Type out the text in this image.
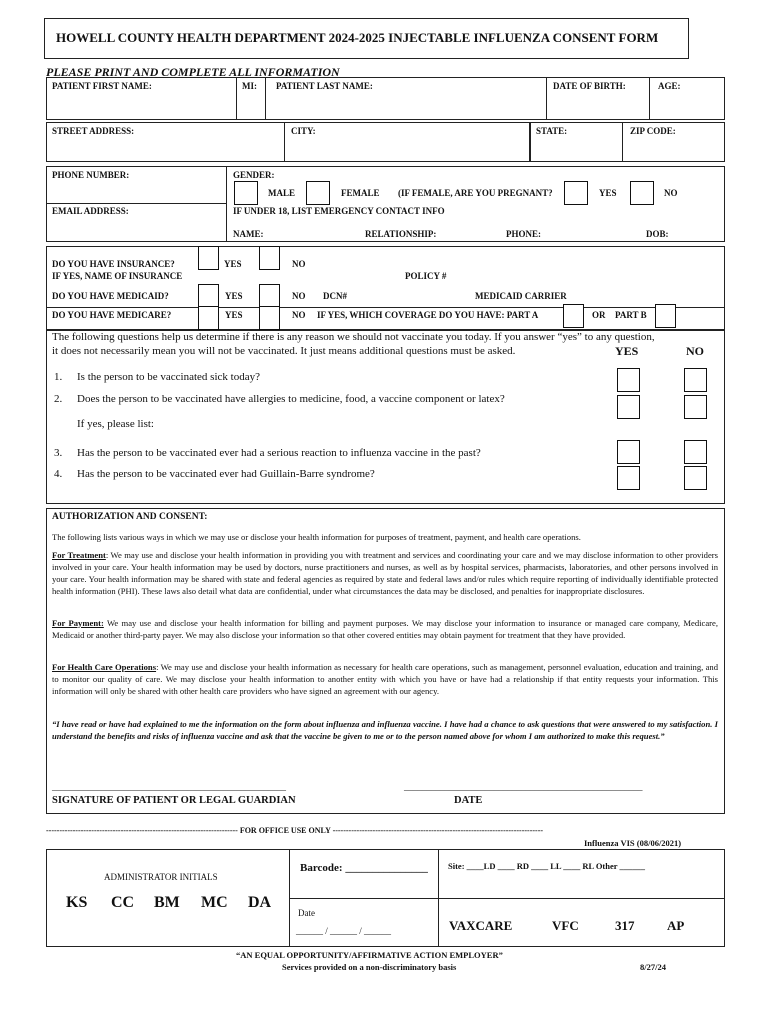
HOWELL COUNTY HEALTH DEPARTMENT 2024-2025 INJECTABLE INFLUENZA CONSENT FORM
PLEASE PRINT AND COMPLETE ALL INFORMATION
PATIENT FIRST NAME:	MI: PATIENT LAST NAME:	DATE OF BIRTH:	AGE:
STREET ADDRESS:	CITY:	STATE:	ZIP CODE:
PHONE NUMBER:
EMAIL ADDRESS:
GENDER:
MALE	FEMALE (IF FEMALE, ARE YOU PREGNANT?	YES	NO
IF UNDER 18, LIST EMERGENCY CONTACT INFO
NAME:	RELATIONSHIP:	PHONE:	DOB:
DO YOU HAVE INSURANCE?	YES	NO
IF YES, NAME OF INSURANCE	POLICY #
DO YOU HAVE MEDICAID?	YES	NO DCN#	MEDICAID CARRIER
DO YOU HAVE MEDICARE?	YES	NO IF YES, WHICH COVERAGE DO YOU HAVE: PART A	OR PART B
The following questions help us determine if there is any reason we should not vaccinate you today. If you answer “yes” to any question,
it does not necessarily mean you will not be vaccinated. It just means additional questions must be asked.	YES	NO
1. Is the person to be vaccinated sick today?
2. Does the person to be vaccinated have allergies to medicine, food, a vaccine component or latex?
If yes, please list:
3. Has the person to be vaccinated ever had a serious reaction to influenza vaccine in the past?
4. Has the person to be vaccinated ever had Guillain-Barre syndrome?
AUTHORIZATION AND CONSENT:
The following lists various ways in which we may use or disclose your health information for purposes of treatment, payment, and health care operations.
For Treatment: We may use and disclose your health information in providing you with treatment and services and coordinating your care and we may disclose information to other providers involved in your care. Your health information may be used by doctors, nurse practitioners and nurses, as well as by hospital services, pharmacists, laboratories, and other persons involved in your care. Your health information may be shared with state and federal agencies as required by state and federal laws and/or rules which require reporting of individually identifiable protected health information (PHI). These laws also detail what data are confidential, under what circumstances the data may be disclosed, and penalties for inappropriate disclosures.
For Payment: We may use and disclose your health information for billing and payment purposes. We may disclose your information to insurance or managed care company, Medicare, Medicaid or another third-party payer. We may also disclose your information so that other covered entities may obtain payment for treatment that they have provided.
For Health Care Operations: We may use and disclose your health information as necessary for health care operations, such as management, personnel evaluation, education and training, and to monitor our quality of care. We may disclose your health information to another entity with which you have or have had a relationship if that entity requests your information. This information will only be shared with other health care providers who have signed an agreement with our agency.
“I have read or have had explained to me the information on the form about influenza and influenza vaccine. I have had a chance to ask questions that were answered to my satisfaction. I understand the benefits and risks of influenza vaccine and ask that the vaccine be given to me or to the person named above for whom I am authorized to make this request.”
____________________________________________________	_____________________________________________________
SIGNATURE OF PATIENT OR LEGAL GUARDIAN	DATE
------------------------------------------------------------------------ FOR OFFICE USE ONLY -------------------------------------------------------------------------------
Influenza VIS (08/06/2021)
ADMINISTRATOR INITIALS
KS CC BM MC DA
Barcode: _______________ Site: ____LD ____ RD ____ LL ____ RL Other ______
Date
______ / ______ / ______	VAXCARE	VFC	317	AP
“AN EQUAL OPPORTUNITY/AFFIRMATIVE ACTION EMPLOYER”
Services provided on a non-discriminatory basis	8/27/24
